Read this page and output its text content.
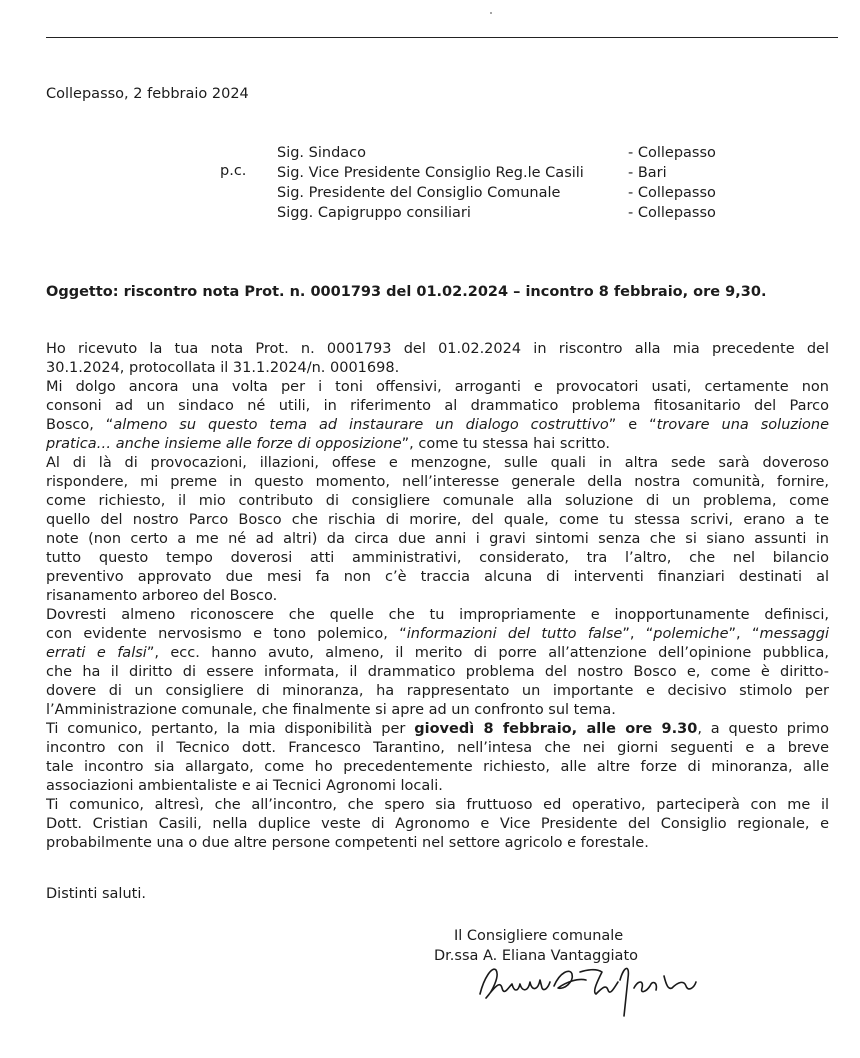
Collepasso, 2 febbraio 2024
p.c.
Sig. Sindaco	- Collepasso
Sig. Vice Presidente Consiglio Reg.le Casili	- Bari
Sig. Presidente del Consiglio Comunale	- Collepasso
Sigg. Capigruppo consiliari	- Collepasso
Oggetto: riscontro nota Prot. n. 0001793 del 01.02.2024 – incontro 8 febbraio, ore 9,30.
Ho ricevuto la tua nota Prot. n. 0001793 del 01.02.2024 in riscontro alla mia precedente del
30.1.2024, protocollata il 31.1.2024/n. 0001698.
Mi dolgo ancora una volta per i toni offensivi, arroganti e provocatori usati, certamente non
consoni ad un sindaco né utili, in riferimento al drammatico problema fitosanitario del Parco
Bosco, “almeno su questo tema ad instaurare un dialogo costruttivo” e “trovare una soluzione
pratica… anche insieme alle forze di opposizione”, come tu stessa hai scritto.
Al di là di provocazioni, illazioni, offese e menzogne, sulle quali in altra sede sarà doveroso
rispondere, mi preme in questo momento, nell’interesse generale della nostra comunità, fornire,
come richiesto, il mio contributo di consigliere comunale alla soluzione di un problema, come
quello del nostro Parco Bosco che rischia di morire, del quale, come tu stessa scrivi, erano a te
note (non certo a me né ad altri) da circa due anni i gravi sintomi senza che si siano assunti in
tutto questo tempo doverosi atti amministrativi, considerato, tra l’altro, che nel bilancio
preventivo approvato due mesi fa non c’è traccia alcuna di interventi finanziari destinati al
risanamento arboreo del Bosco.
Dovresti almeno riconoscere che quelle che tu impropriamente e inopportunamente definisci,
con evidente nervosismo e tono polemico, “informazioni del tutto false”, “polemiche”, “messaggi
errati e falsi”, ecc. hanno avuto, almeno, il merito di porre all’attenzione dell’opinione pubblica,
che ha il diritto di essere informata, il drammatico problema del nostro Bosco e, come è diritto-
dovere di un consigliere di minoranza, ha rappresentato un importante e decisivo stimolo per
l’Amministrazione comunale, che finalmente si apre ad un confronto sul tema.
Ti comunico, pertanto, la mia disponibilità per giovedì 8 febbraio, alle ore 9.30, a questo primo
incontro con il Tecnico dott. Francesco Tarantino, nell’intesa che nei giorni seguenti e a breve
tale incontro sia allargato, come ho precedentemente richiesto, alle altre forze di minoranza, alle
associazioni ambientaliste e ai Tecnici Agronomi locali.
Ti comunico, altresì, che all’incontro, che spero sia fruttuoso ed operativo, parteciperà con me il
Dott. Cristian Casili, nella duplice veste di Agronomo e Vice Presidente del Consiglio regionale, e
probabilmente una o due altre persone competenti nel settore agricolo e forestale.
Distinti saluti.
Il Consigliere comunale
Dr.ssa A. Eliana Vantaggiato
